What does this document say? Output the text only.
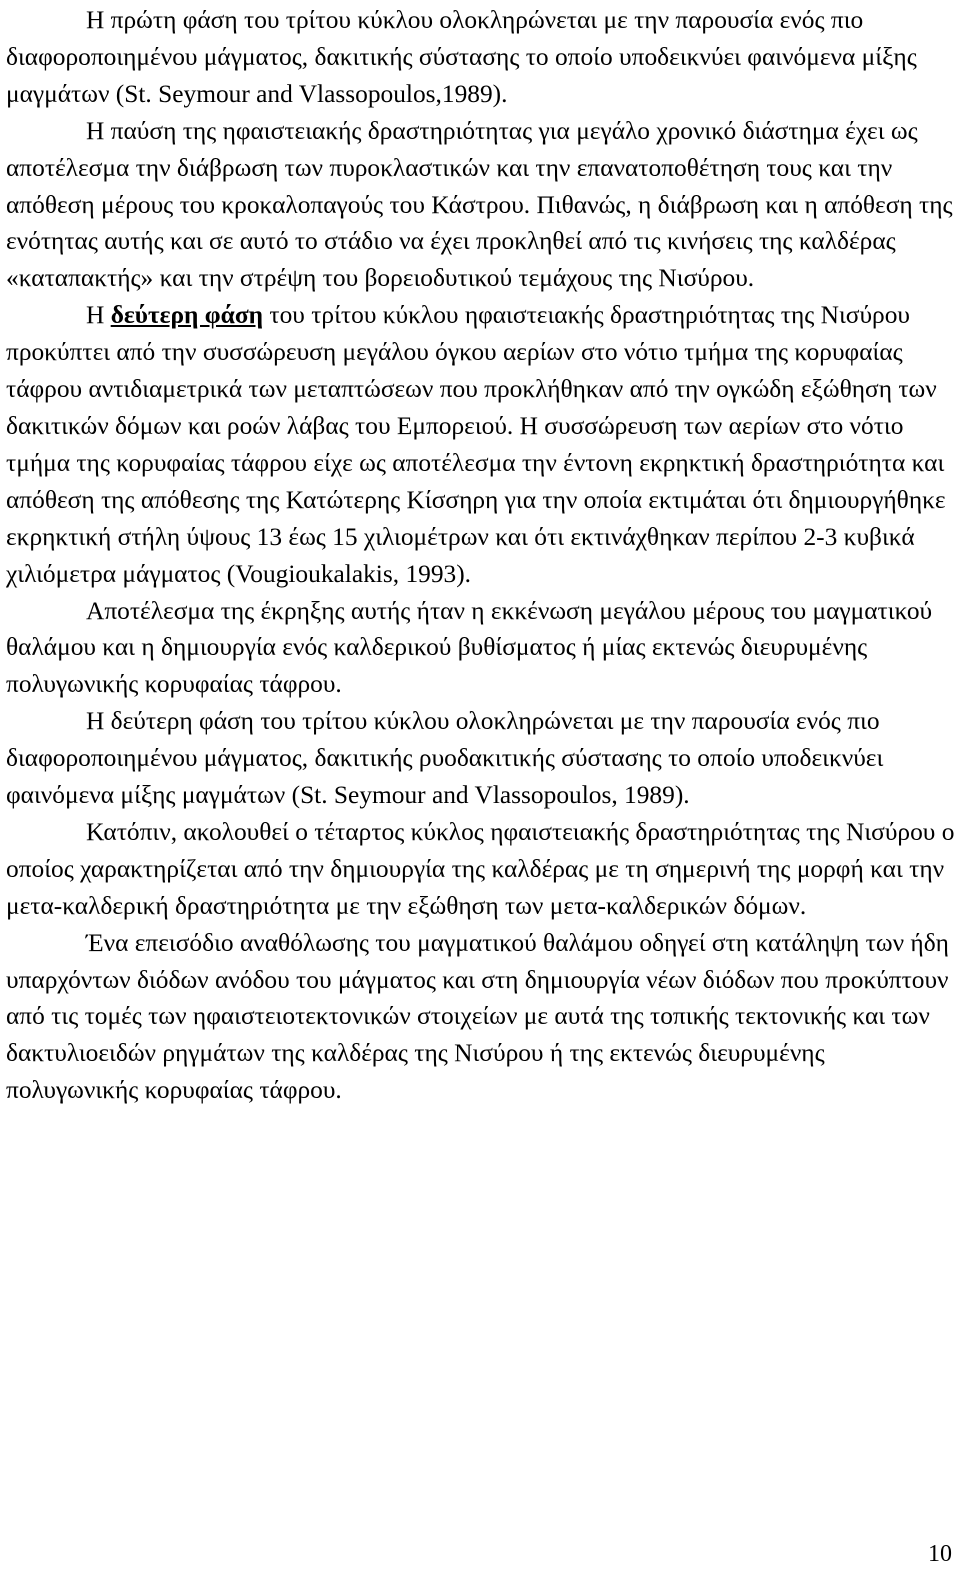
Η πρώτη φάση του τρίτου κύκλου ολοκληρώνεται με την παρουσία ενός πιο διαφοροποιημένου μάγματος, δακιτικής σύστασης το οποίο υποδεικνύει φαινόμενα μίξης μαγμάτων (St. Seymour and Vlassopoulos,1989).

Η παύση της ηφαιστειακής δραστηριότητας για μεγάλο χρονικό διάστημα έχει ως αποτέλεσμα την διάβρωση των πυροκλαστικών και την επανατοποθέτηση τους και την απόθεση μέρους του κροκαλοπαγούς του Κάστρου. Πιθανώς, η διάβρωση και η απόθεση της ενότητας αυτής και σε αυτό το στάδιο να έχει προκληθεί από τις κινήσεις της καλδέρας «καταπακτής» και την στρέψη του βορειοδυτικού τεμάχους της Νισύρου.

Η δεύτερη φάση του τρίτου κύκλου ηφαιστειακής δραστηριότητας της Νισύρου προκύπτει από την συσσώρευση μεγάλου όγκου αερίων στο νότιο τμήμα της κορυφαίας τάφρου αντιδιαμετρικά των μεταπτώσεων που προκλήθηκαν από την ογκώδη εξώθηση των δακιτικών δόμων και ροών λάβας του Εμπορειού. Η συσσώρευση των αερίων στο νότιο τμήμα της κορυφαίας τάφρου είχε ως αποτέλεσμα την έντονη εκρηκτική δραστηριότητα και απόθεση της απόθεσης της Κατώτερης Κίσσηρη για την οποία εκτιμάται ότι δημιουργήθηκε εκρηκτική στήλη ύψους 13 έως 15 χιλιομέτρων και ότι εκτινάχθηκαν περίπου 2-3 κυβικά χιλιόμετρα μάγματος (Vougioukalakis, 1993).

Αποτέλεσμα της έκρηξης αυτής ήταν η εκκένωση μεγάλου μέρους του μαγματικού θαλάμου και η δημιουργία ενός καλδερικού βυθίσματος ή μίας εκτενώς διευρυμένης πολυγωνικής κορυφαίας τάφρου.

Η δεύτερη φάση του τρίτου κύκλου ολοκληρώνεται με την παρουσία ενός πιο διαφοροποιημένου μάγματος, δακιτικής ρυοδακιτικής σύστασης το οποίο υποδεικνύει φαινόμενα μίξης μαγμάτων (St. Seymour and Vlassopoulos, 1989).

Κατόπιν, ακολουθεί ο τέταρτος κύκλος ηφαιστειακής δραστηριότητας της Νισύρου ο οποίος χαρακτηρίζεται από την δημιουργία της καλδέρας με τη σημερινή της μορφή και την μετα-καλδερική δραστηριότητα με την εξώθηση των μετα-καλδερικών δόμων.

Ένα επεισόδιο αναθόλωσης του μαγματικού θαλάμου οδηγεί στη κατάληψη των ήδη υπαρχόντων διόδων ανόδου του μάγματος και στη δημιουργία νέων διόδων που προκύπτουν από τις τομές των ηφαιστειοτεκτονικών στοιχείων με αυτά της τοπικής τεκτονικής και των δακτυλιοειδών ρηγμάτων της καλδέρας της Νισύρου ή της εκτενώς διευρυμένης πολυγωνικής κορυφαίας τάφρου.

10
